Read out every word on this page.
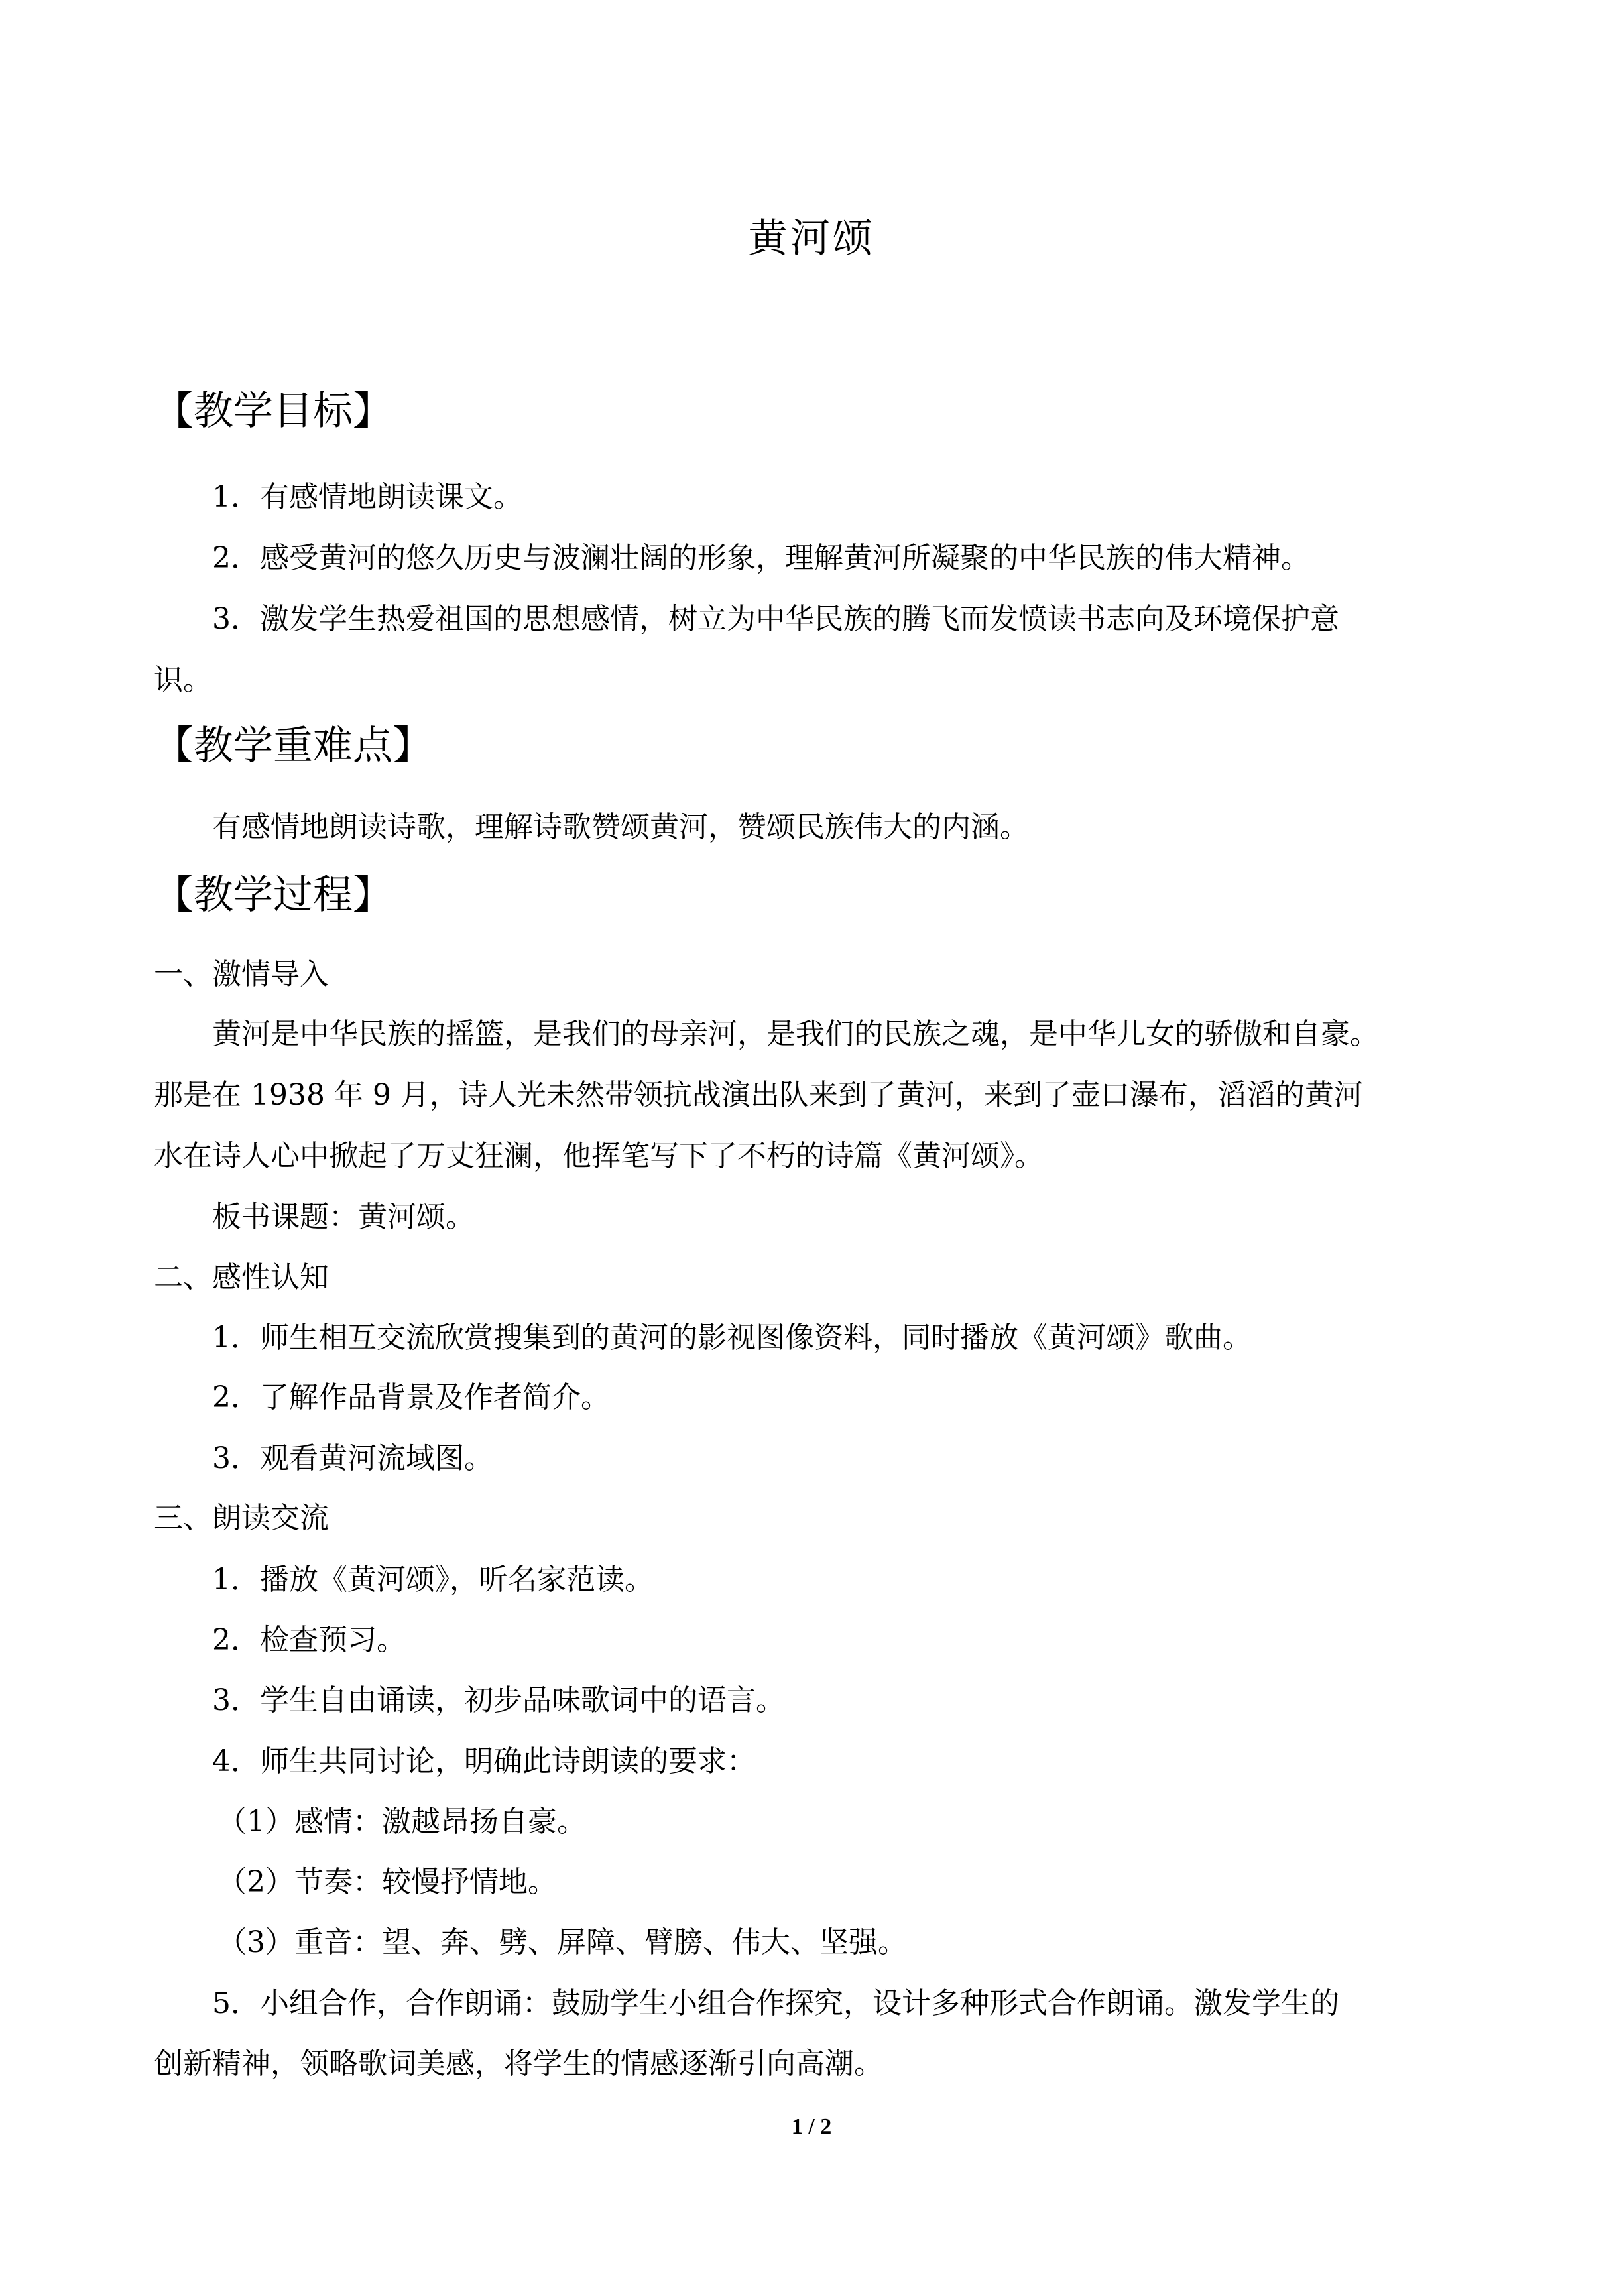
黄河颂
【教学目标】
1．有感情地朗读课文。
2．感受黄河的悠久历史与波澜壮阔的形象，理解黄河所凝聚的中华民族的伟大精神。
3．激发学生热爱祖国的思想感情，树立为中华民族的腾飞而发愤读书志向及环境保护意
识。
【教学重难点】
有感情地朗读诗歌，理解诗歌赞颂黄河，赞颂民族伟大的内涵。
【教学过程】
一、激情导入
黄河是中华民族的摇篮，是我们的母亲河，是我们的民族之魂，是中华儿女的骄傲和自豪。
那是在 1938 年 9 月，诗人光未然带领抗战演出队来到了黄河，来到了壶口瀑布，滔滔的黄河
水在诗人心中掀起了万丈狂澜，他挥笔写下了不朽的诗篇《黄河颂》。
板书课题：黄河颂。
二、感性认知
1．师生相互交流欣赏搜集到的黄河的影视图像资料，同时播放《黄河颂》歌曲。
2．了解作品背景及作者简介。
3．观看黄河流域图。
三、朗读交流
1．播放《黄河颂》，听名家范读。
2．检查预习。
3．学生自由诵读，初步品味歌词中的语言。
4．师生共同讨论，明确此诗朗读的要求：
（1）感情：激越昂扬自豪。
（2）节奏：较慢抒情地。
（3）重音：望、奔、劈、屏障、臂膀、伟大、坚强。
5．小组合作，合作朗诵：鼓励学生小组合作探究，设计多种形式合作朗诵。激发学生的
创新精神，领略歌词美感，将学生的情感逐渐引向高潮。
1 / 2
